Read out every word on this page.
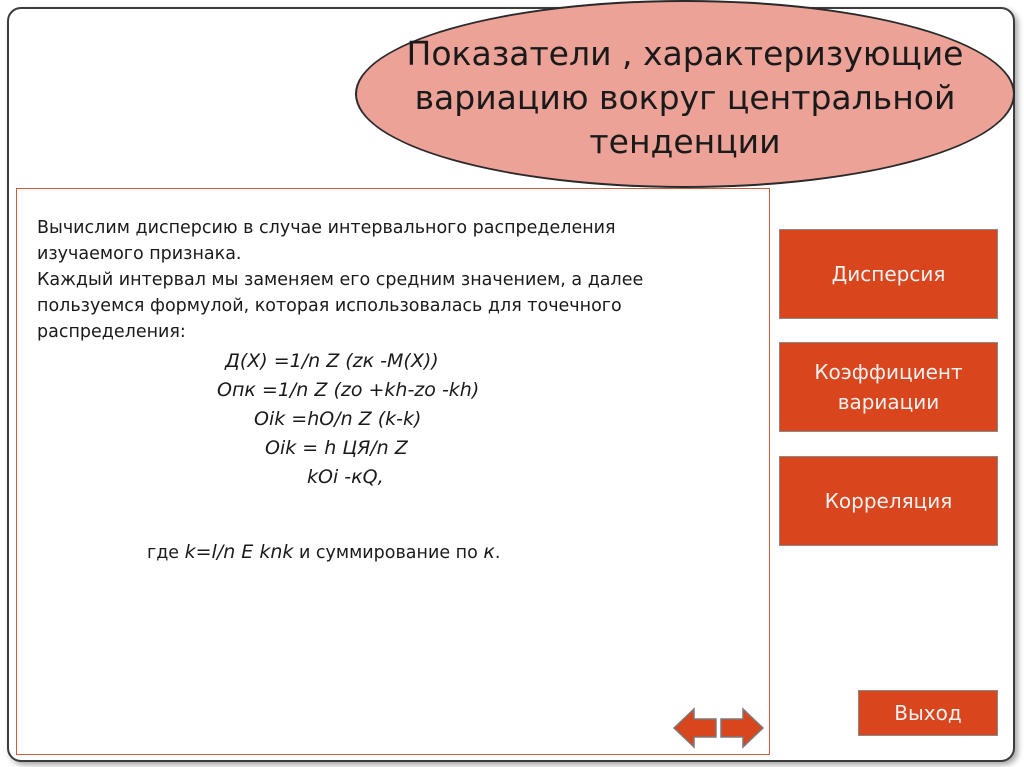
Показатели , характеризующие вариацию вокруг центральной тенденции

Вычислим дисперсию в случае интервального распределения изучаемого признака.

Каждый интервал мы заменяем его средним значением, а далее пользуемся формулой, которая использовалась для точечного распределения:

Д(X) =1/n Z (zк -M(X))
Опк =1/n Z (zo +kh-zo -kh)
Oik =hO/n Z (k-k)
Oik = h ЦЯ/n Z
kOi -кQ,
где k=l/n E knk и суммирование по к.
Дисперсия
Коэффициент вариации
Корреляция
Выход
